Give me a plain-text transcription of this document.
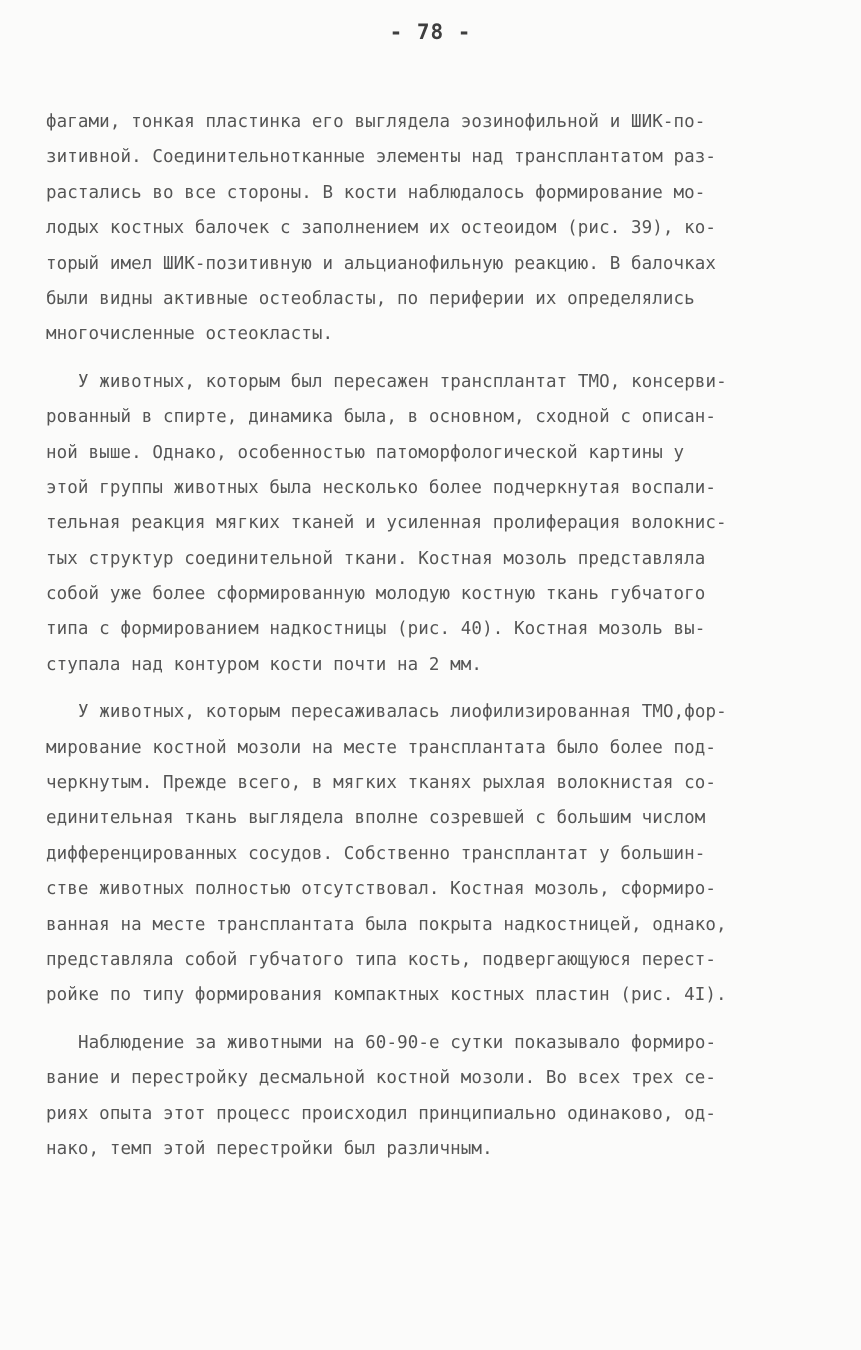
- 78 -
фагами, тонкая пластинка его выглядела эозинофильной и ШИК-по-
зитивной. Соединительнотканные элементы над трансплантатом раз-
растались во все стороны. В кости наблюдалось формирование мо-
лодых костных балочек с заполнением их остеоидом (рис. 39), ко-
торый имел ШИК-позитивную и альцианофильную реакцию. В балочках
были видны активные остеобласты, по периферии их определялись
многочисленные остеокласты.
У животных, которым был пересажен трансплантат ТМО, консерви-
рованный в спирте, динамика была, в основном, сходной с описан-
ной выше. Однако, особенностью патоморфологической картины у
этой группы животных была несколько более подчеркнутая воспали-
тельная реакция мягких тканей и усиленная пролиферация волокнис-
тых структур соединительной ткани. Костная мозоль представляла
собой уже более сформированную молодую костную ткань губчатого
типа с формированием надкостницы (рис. 40). Костная мозоль вы-
ступала над контуром кости почти на 2 мм.
У животных, которым пересаживалась лиофилизированная ТМО,фор-
мирование костной мозоли на месте трансплантата было более под-
черкнутым. Прежде всего, в мягких тканях рыхлая волокнистая со-
единительная ткань выглядела вполне созревшей с большим числом
дифференцированных сосудов. Собственно трансплантат у большин-
стве животных полностью отсутствовал. Костная мозоль, сформиро-
ванная на месте трансплантата была покрыта надкостницей, однако,
представляла собой губчатого типа кость, подвергающуюся перест-
ройке по типу формирования компактных костных пластин (рис. 4I).
Наблюдение за животными на 60-90-е сутки показывало формиро-
вание и перестройку десмальной костной мозоли. Во всех трех се-
риях опыта этот процесс происходил принципиально одинаково, од-
нако, темп этой перестройки был различным.
